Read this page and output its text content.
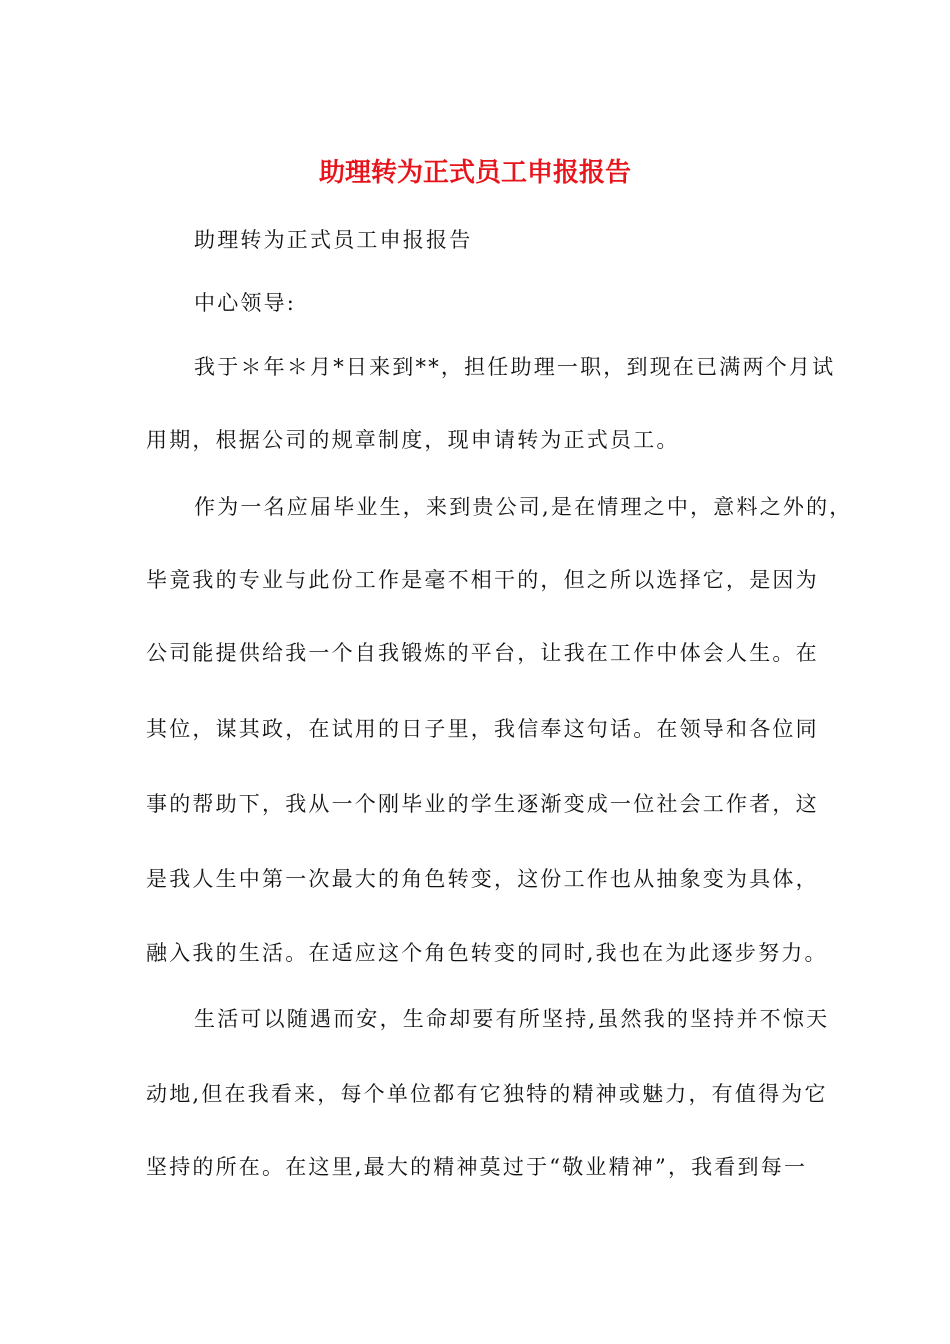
助理转为正式员工申报报告
助理转为正式员工申报报告
中心领导:
我于＊年＊月*日来到**，担任助理一职，到现在已满两个月试
用期，根据公司的规章制度，现申请转为正式员工。
作为一名应届毕业生，来到贵公司,是在情理之中，意料之外的，
毕竟我的专业与此份工作是毫不相干的，但之所以选择它，是因为
公司能提供给我一个自我锻炼的平台，让我在工作中体会人生。在
其位，谋其政，在试用的日子里，我信奉这句话。在领导和各位同
事的帮助下，我从一个刚毕业的学生逐渐变成一位社会工作者，这
是我人生中第一次最大的角色转变，这份工作也从抽象变为具体，
融入我的生活。在适应这个角色转变的同时,我也在为此逐步努力。
生活可以随遇而安，生命却要有所坚持,虽然我的坚持并不惊天
动地,但在我看来，每个单位都有它独特的精神或魅力，有值得为它
坚持的所在。在这里,最大的精神莫过于“敬业精神”，我看到每一
